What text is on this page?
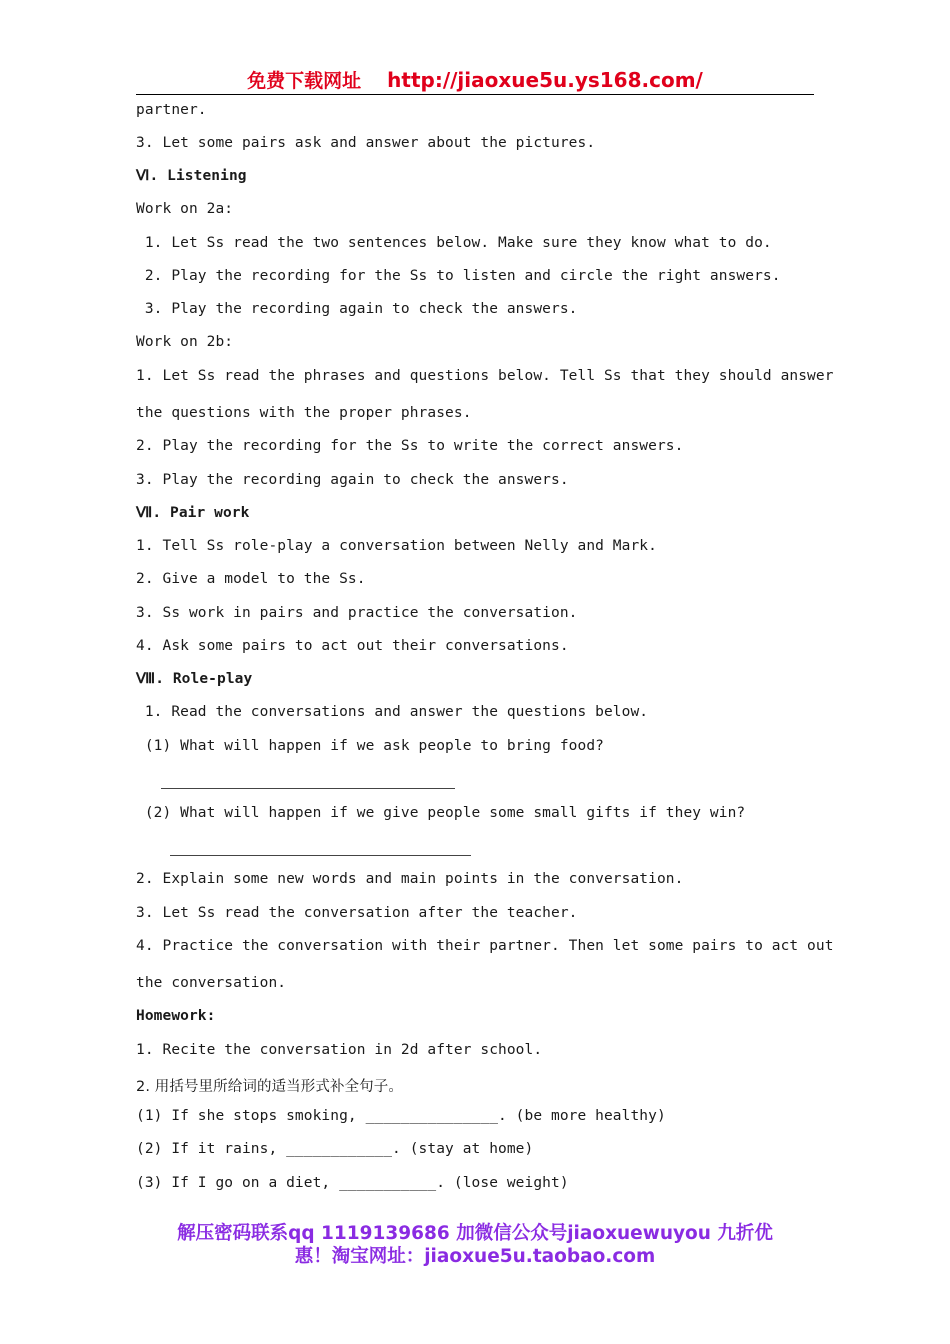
免费下载网址 http://jiaoxue5u.ys168.com/
partner.
3. Let some pairs ask and answer about the pictures.
Ⅵ. Listening
Work on 2a:
1. Let Ss read the two sentences below. Make sure they know what to do.
2. Play the recording for the Ss to listen and circle the right answers.
3. Play the recording again to check the answers.
Work on 2b:
1. Let Ss read the phrases and questions below. Tell Ss that they should answer
the questions with the proper phrases.
2. Play the recording for the Ss to write the correct answers.
3. Play the recording again to check the answers.
Ⅶ. Pair work
1. Tell Ss role-play a conversation between Nelly and Mark.
2. Give a model to the Ss.
3. Ss work in pairs and practice the conversation.
4. Ask some pairs to act out their conversations.
Ⅷ. Role-play
1. Read the conversations and answer the questions below.
(1) What will happen if we ask people to bring food?
(2) What will happen if we give people some small gifts if they win?
2. Explain some new words and main points in the conversation.
3. Let Ss read the conversation after the teacher.
4. Practice the conversation with their partner. Then let some pairs to act out
the conversation.
Homework:
1. Recite the conversation in 2d after school.
2. 用括号里所给词的适当形式补全句子。
(1) If she stops smoking, _______________. (be more healthy)
(2) If it rains, ____________. (stay at home)
(3) If I go on a diet, ___________. (lose weight)
解压密码联系qq 1119139686 加微信公众号jiaoxuewuyou 九折优
惠！淘宝网址：jiaoxue5u.taobao.com
